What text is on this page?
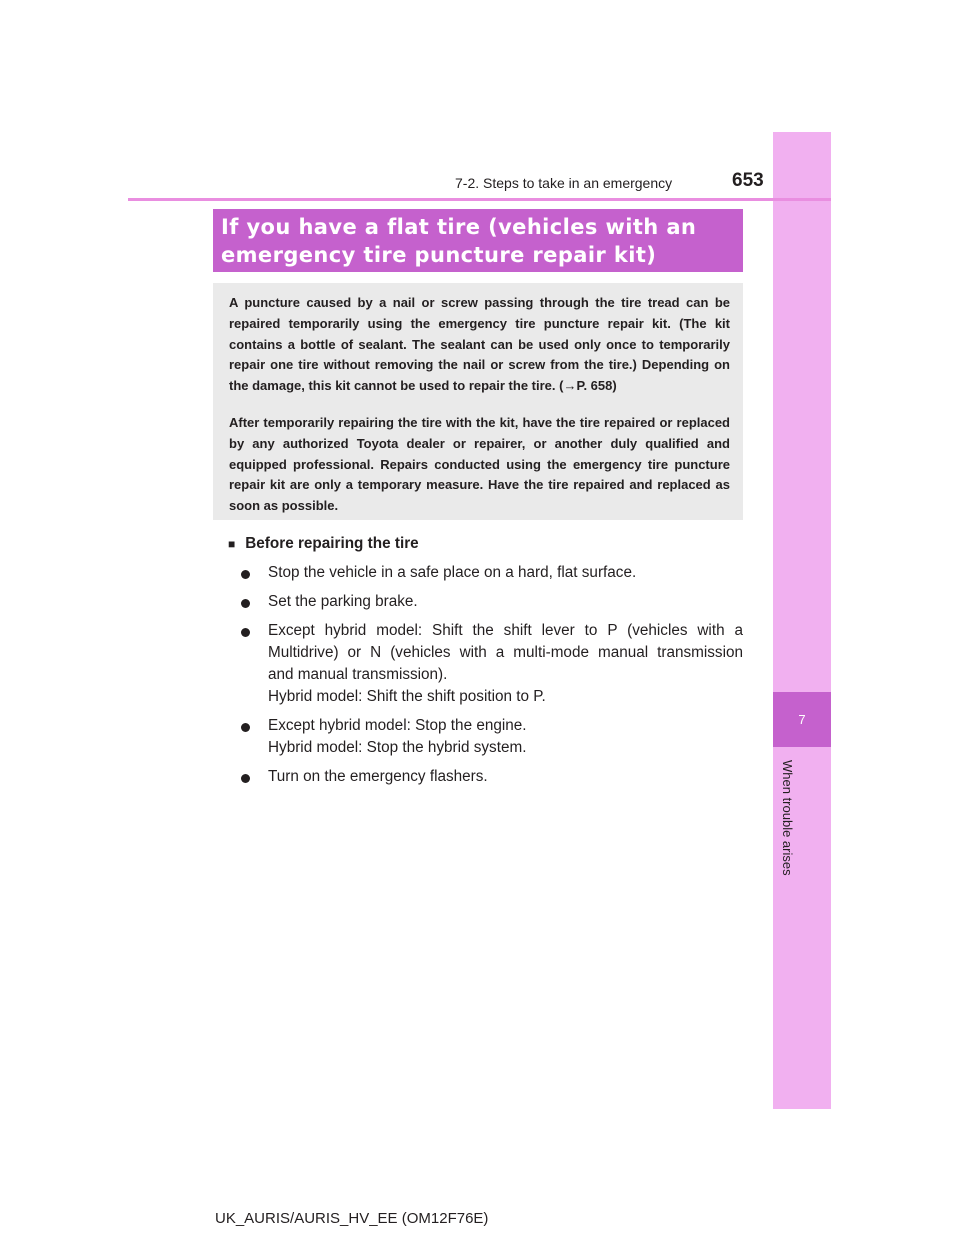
7
When trouble arises
7-2. Steps to take in an emergency	653
If you have a flat tire (vehicles with an
emergency tire puncture repair kit)

A puncture caused by a nail or screw passing through the tire tread can be repaired temporarily using the emergency tire puncture repair kit. (The kit contains a bottle of sealant. The sealant can be used only once to temporarily repair one tire without removing the nail or screw from the tire.) Depending on the damage, this kit cannot be used to repair the tire. (→P. 658)

After temporarily repairing the tire with the kit, have the tire repaired or replaced by any authorized Toyota dealer or repairer, or another duly qualified and equipped professional. Repairs conducted using the emergency tire puncture repair kit are only a temporary measure. Have the tire repaired and replaced as soon as possible.

■ Before repairing the tire
Stop the vehicle in a safe place on a hard, flat surface.
Set the parking brake.
Except hybrid model: Shift the shift lever to P (vehicles with a
Multidrive) or N (vehicles with a multi-mode manual transmission
and manual transmission).
Hybrid model: Shift the shift position to P.
Except hybrid model: Stop the engine.
Hybrid model: Stop the hybrid system.
Turn on the emergency flashers.
UK_AURIS/AURIS_HV_EE (OM12F76E)
